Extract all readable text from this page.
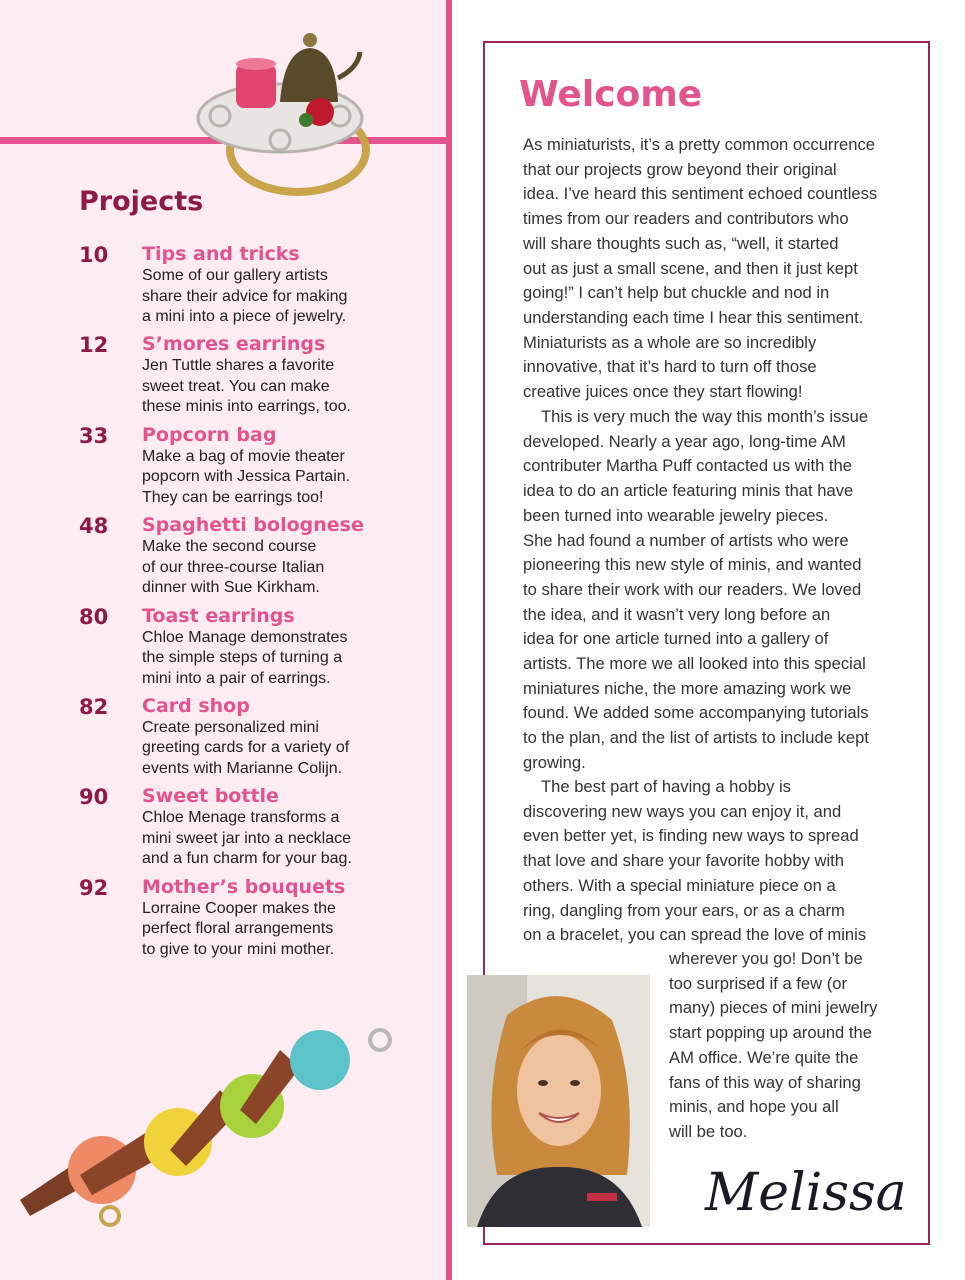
Projects
10 Tips and tricks
Some of our gallery artists
share their advice for making
a mini into a piece of jewelry.
12 S’mores earrings
Jen Tuttle shares a favorite
sweet treat. You can make
these minis into earrings, too.
33 Popcorn bag
Make a bag of movie theater
popcorn with Jessica Partain.
They can be earrings too!
48 Spaghetti bolognese
Make the second course
of our three-course Italian
dinner with Sue Kirkham.
80 Toast earrings
Chloe Manage demonstrates
the simple steps of turning a
mini into a pair of earrings.
82 Card shop
Create personalized mini
greeting cards for a variety of
events with Marianne Colijn.
90 Sweet bottle
Chloe Menage transforms a
mini sweet jar into a necklace
and a fun charm for your bag.
92 Mother’s bouquets
Lorraine Cooper makes the
perfect floral arrangements
to give to your mini mother.
Welcome
As miniaturists, it’s a pretty common occurrence
that our projects grow beyond their original
idea. I’ve heard this sentiment echoed countless
times from our readers and contributors who
will share thoughts such as, “well, it started
out as just a small scene, and then it just kept
going!” I can’t help but chuckle and nod in
understanding each time I hear this sentiment.
Miniaturists as a whole are so incredibly
innovative, that it’s hard to turn off those
creative juices once they start flowing!
This is very much the way this month’s issue
developed. Nearly a year ago, long-time AM
contributer Martha Puff contacted us with the
idea to do an article featuring minis that have
been turned into wearable jewelry pieces.
She had found a number of artists who were
pioneering this new style of minis, and wanted
to share their work with our readers. We loved
the idea, and it wasn’t very long before an
idea for one article turned into a gallery of
artists. The more we all looked into this special
miniatures niche, the more amazing work we
found. We added some accompanying tutorials
to the plan, and the list of artists to include kept
growing.
The best part of having a hobby is
discovering new ways you can enjoy it, and
even better yet, is finding new ways to spread
that love and share your favorite hobby with
others. With a special miniature piece on a
ring, dangling from your ears, or as a charm
on a bracelet, you can spread the love of minis
wherever you go! Don’t be
too surprised if a few (or
many) pieces of mini jewelry
start popping up around the
AM office. We’re quite the
fans of this way of sharing
minis, and hope you all
will be too.
Melissa
